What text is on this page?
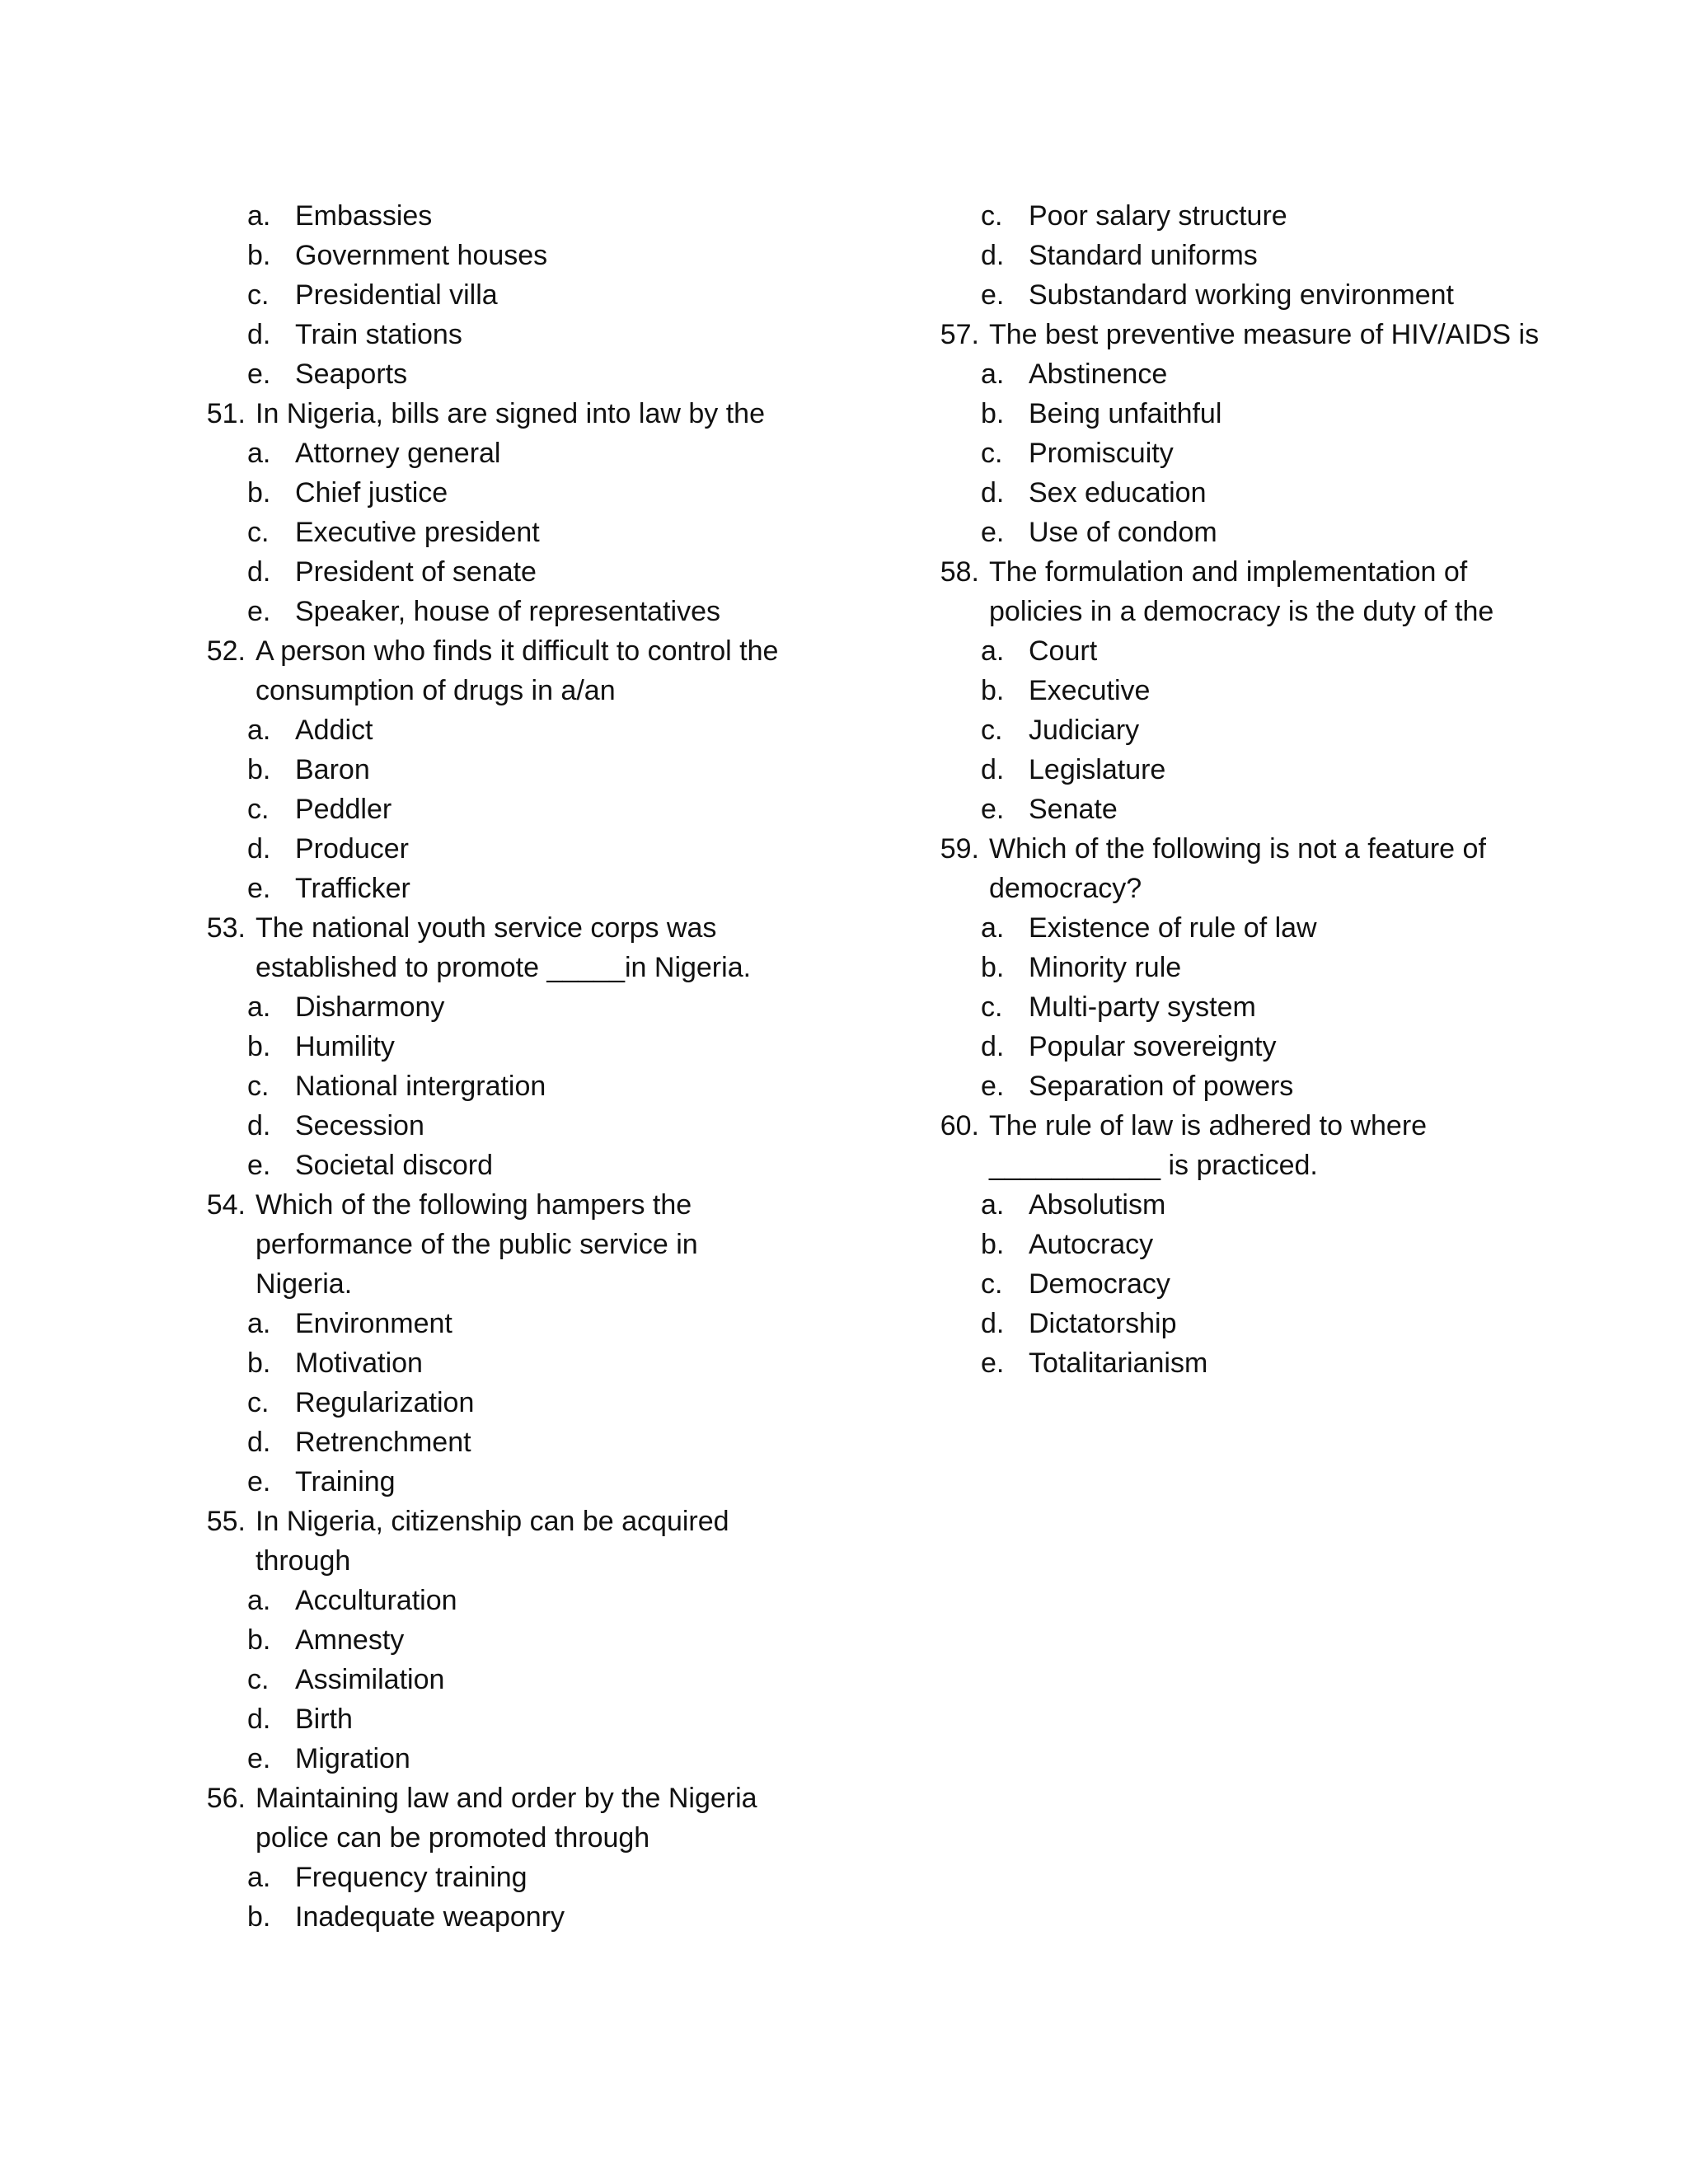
a. Embassies
b. Government houses
c. Presidential villa
d. Train stations
e. Seaports
51. In Nigeria, bills are signed into law by the
a. Attorney general
b. Chief justice
c. Executive president
d. President of senate
e. Speaker, house of representatives
52. A person who finds it difficult to control the
consumption of drugs in a/an
a. Addict
b. Baron
c. Peddler
d. Producer
e. Trafficker
53. The national youth service corps was
established to promote _____in Nigeria.
a. Disharmony
b. Humility
c. National intergration
d. Secession
e. Societal discord
54. Which of the following hampers the
performance of the public service in
Nigeria.
a. Environment
b. Motivation
c. Regularization
d. Retrenchment
e. Training
55. In Nigeria, citizenship can be acquired
through
a. Acculturation
b. Amnesty
c. Assimilation
d. Birth
e. Migration
56. Maintaining law and order by the Nigeria
police can be promoted through
a. Frequency training
b. Inadequate weaponry
c. Poor salary structure
d. Standard uniforms
e. Substandard working environment
57. The best preventive measure of HIV/AIDS is
a. Abstinence
b. Being unfaithful
c. Promiscuity
d. Sex education
e. Use of condom
58. The formulation and implementation of
policies in a democracy is the duty of the
a. Court
b. Executive
c. Judiciary
d. Legislature
e. Senate
59. Which of the following is not a feature of
democracy?
a. Existence of rule of law
b. Minority rule
c. Multi-party system
d. Popular sovereignty
e. Separation of powers
60. The rule of law is adhered to where
___________ is practiced.
a. Absolutism
b. Autocracy
c. Democracy
d. Dictatorship
e. Totalitarianism
